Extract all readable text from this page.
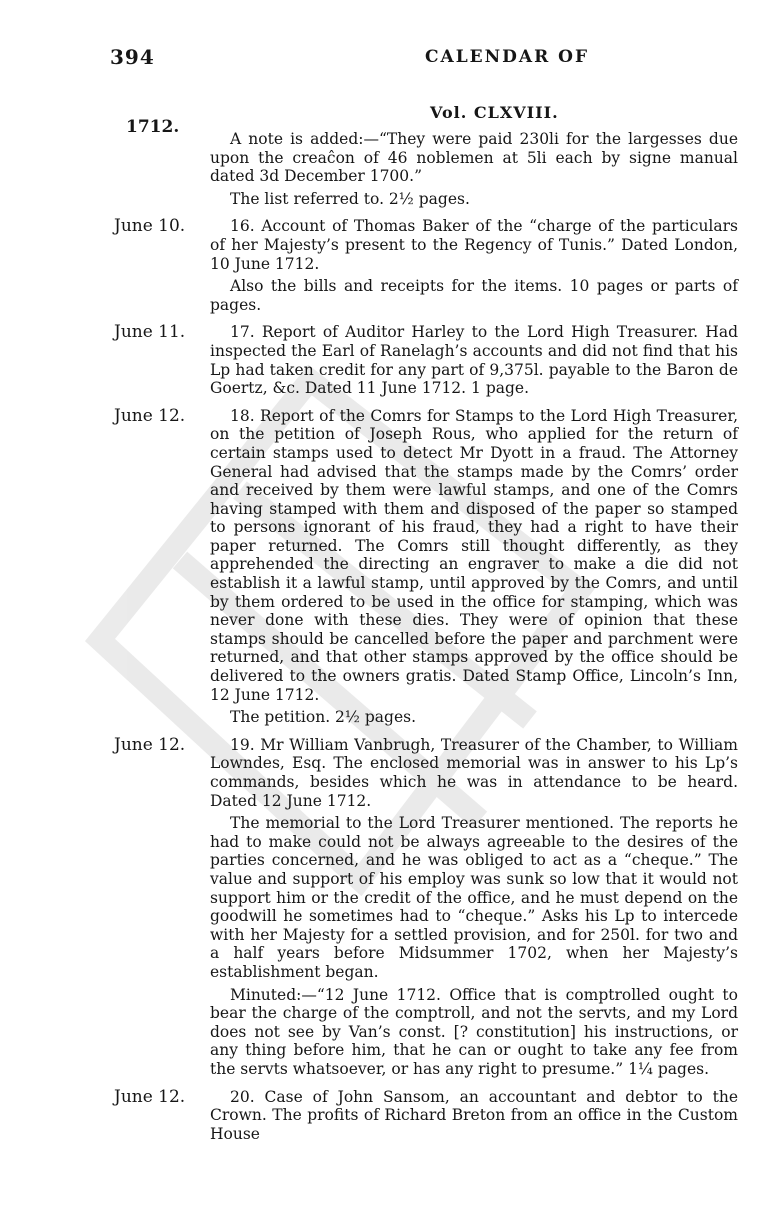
394	CALENDAR OF
1712.
Vol. CLXVIII.

A note is added:—“They were paid 230li for the largesses due upon the creaĉon of 46 noblemen at 5li each by signe manual dated 3d December 1700.”

The list referred to. 2½ pages.

June 10.	16. Account of Thomas Baker of the “charge of the particulars of her Majesty’s present to the Regency of Tunis.” Dated London, 10 June 1712.

Also the bills and receipts for the items. 10 pages or parts of pages.

June 11.	17. Report of Auditor Harley to the Lord High Treasurer. Had inspected the Earl of Ranelagh’s accounts and did not find that his Lp had taken credit for any part of 9,375l. payable to the Baron de Goertz, &c. Dated 11 June 1712. 1 page.

June 12.	18. Report of the Comrs for Stamps to the Lord High Treasurer, on the petition of Joseph Rous, who applied for the return of certain stamps used to detect Mr Dyott in a fraud. The Attorney General had advised that the stamps made by the Comrs’ order and received by them were lawful stamps, and one of the Comrs having stamped with them and disposed of the paper so stamped to persons ignorant of his fraud, they had a right to have their paper returned. The Comrs still thought differently, as they apprehended the directing an engraver to make a die did not establish it a lawful stamp, until approved by the Comrs, and until by them ordered to be used in the office for stamping, which was never done with these dies. They were of opinion that these stamps should be cancelled before the paper and parchment were returned, and that other stamps approved by the office should be delivered to the owners gratis. Dated Stamp Office, Lincoln’s Inn, 12 June 1712.

The petition. 2½ pages.

June 12.	19. Mr William Vanbrugh, Treasurer of the Chamber, to William Lowndes, Esq. The enclosed memorial was in answer to his Lp’s commands, besides which he was in attendance to be heard. Dated 12 June 1712.

The memorial to the Lord Treasurer mentioned. The reports he had to make could not be always agreeable to the desires of the parties concerned, and he was obliged to act as a “cheque.” The value and support of his employ was sunk so low that it would not support him or the credit of the office, and he must depend on the goodwill he sometimes had to “cheque.” Asks his Lp to intercede with her Majesty for a settled provision, and for 250l. for two and a half years before Midsummer 1702, when her Majesty’s establishment began.

Minuted:—“12 June 1712. Office that is comptrolled ought to bear the charge of the comptroll, and not the servts, and my Lord does not see by Van’s const. [? constitution] his instructions, or any thing before him, that he can or ought to take any fee from the servts whatsoever, or has any right to presume.” 1¼ pages.

June 12.	20. Case of John Sansom, an accountant and debtor to the Crown. The profits of Richard Breton from an office in the Custom House
